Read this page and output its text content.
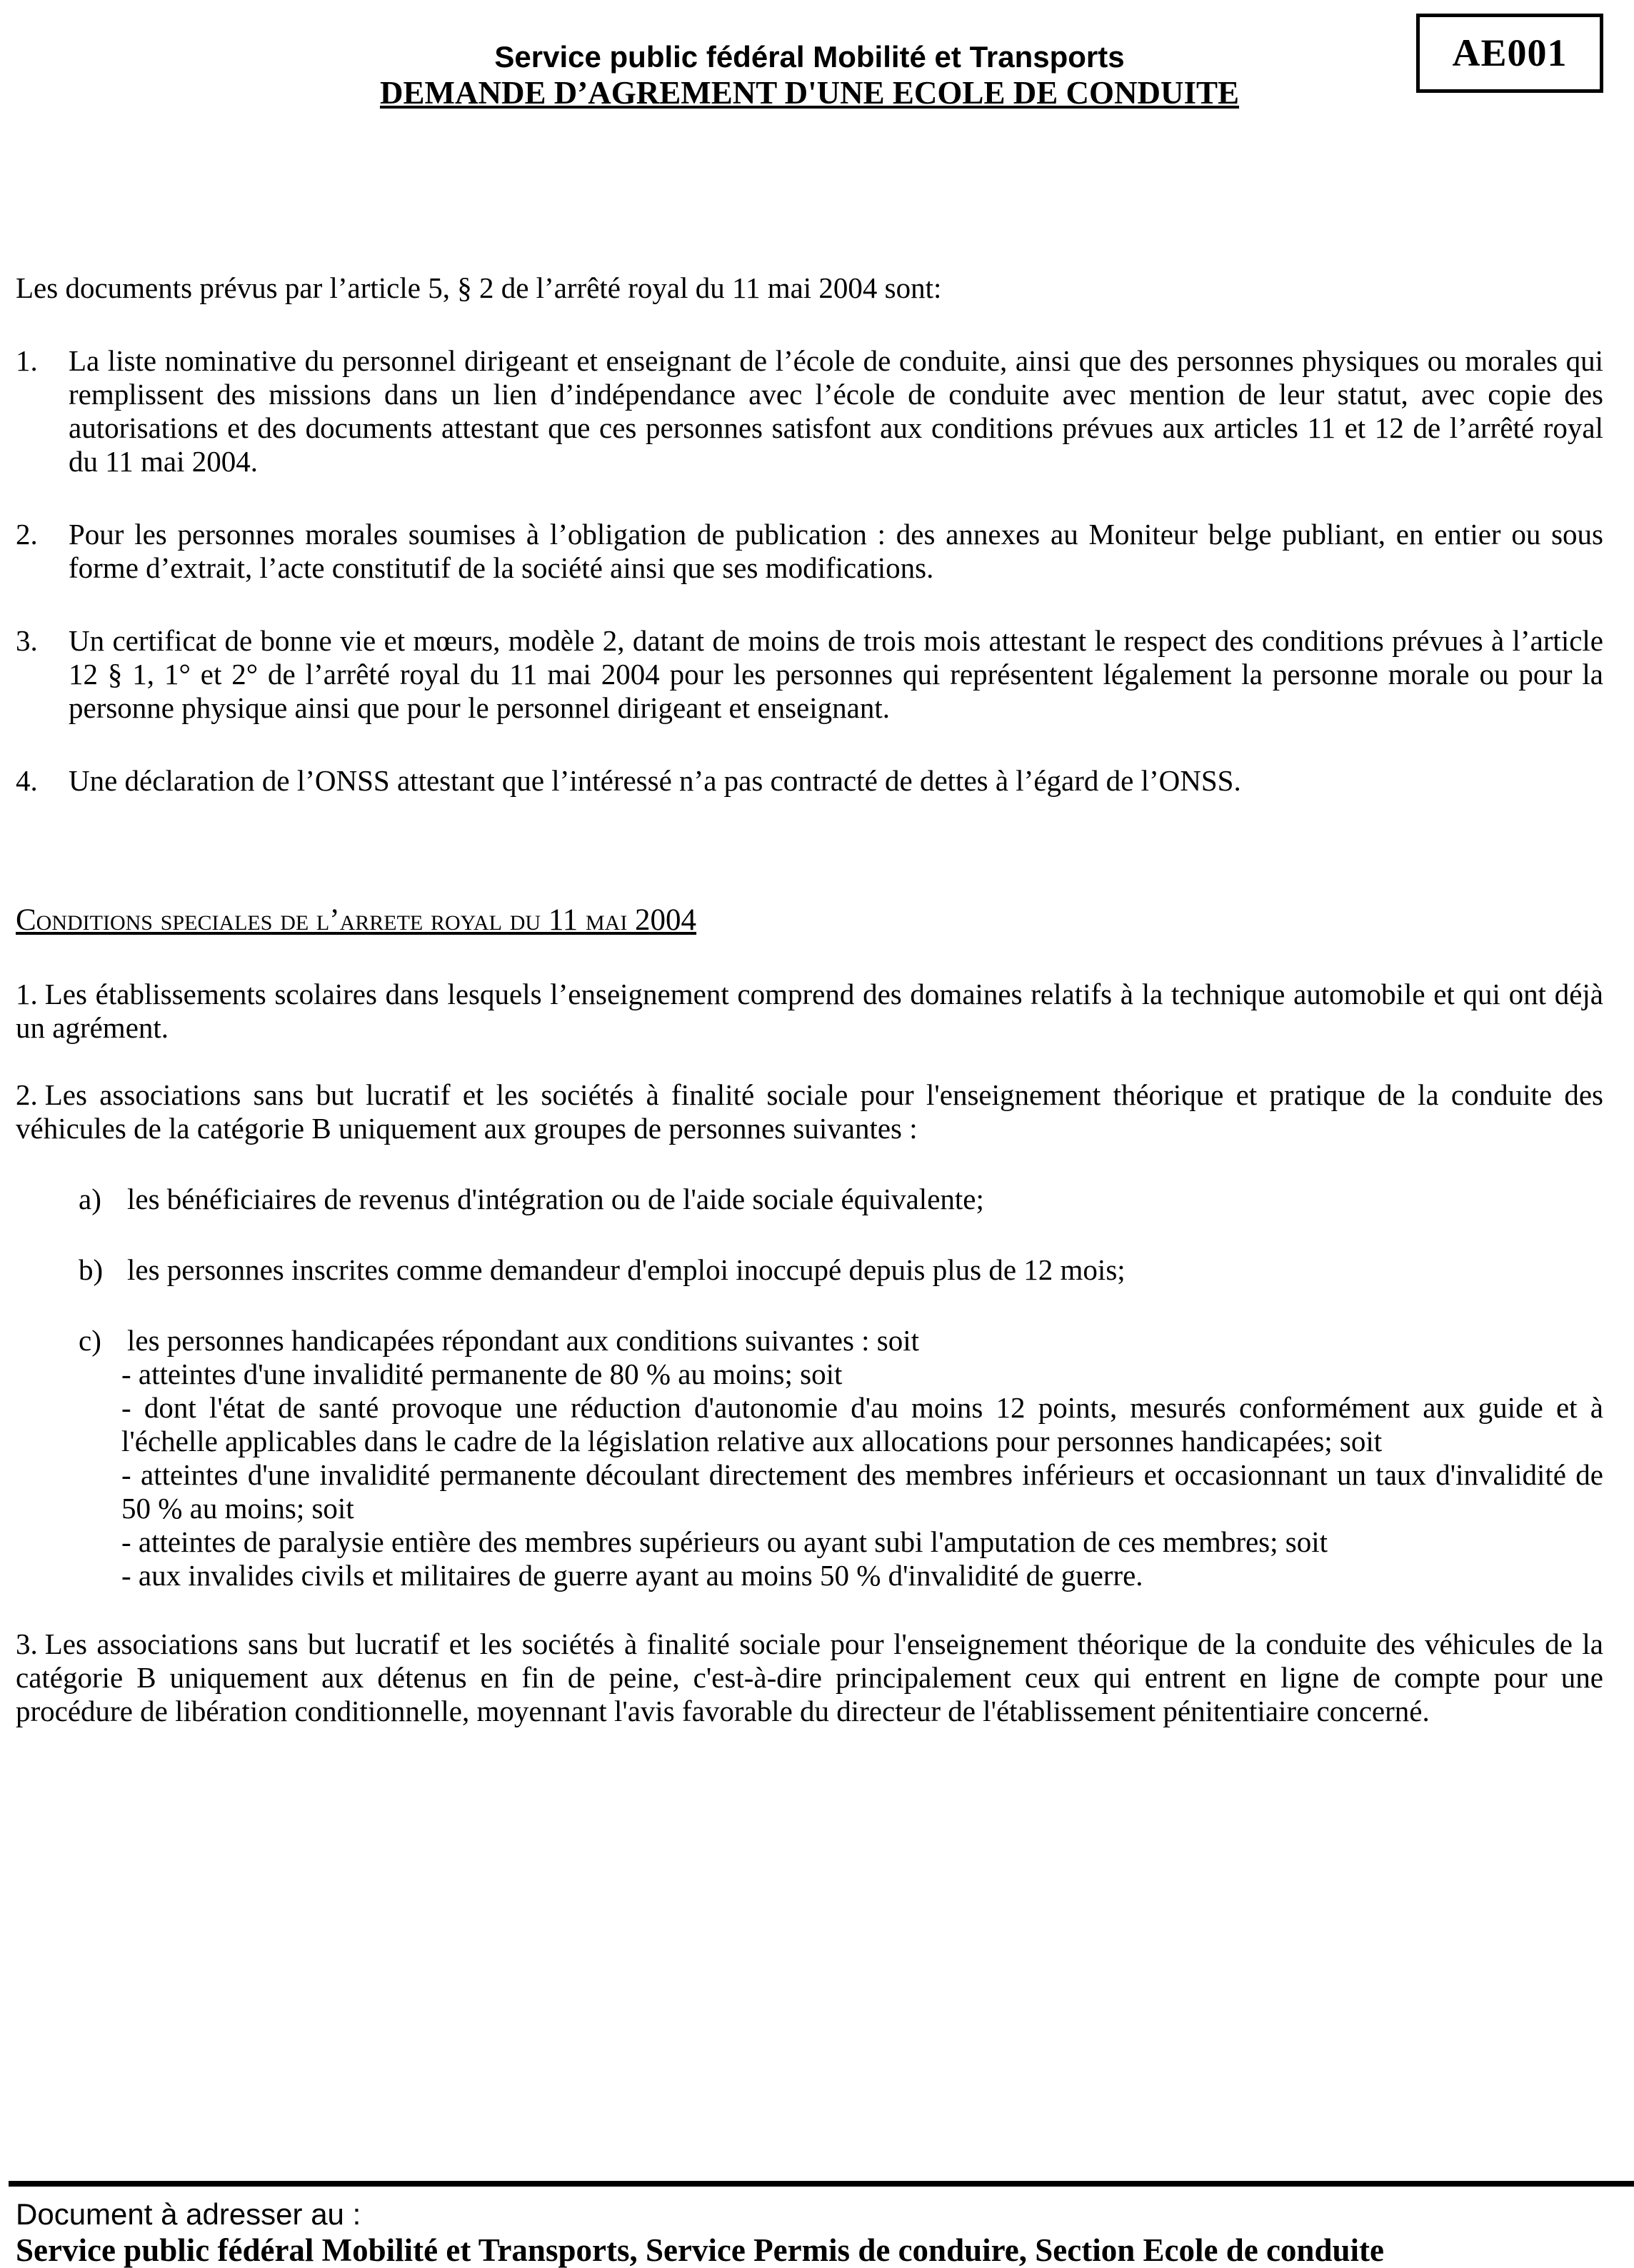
Service public fédéral Mobilité et Transports
DEMANDE D’AGREMENT D'UNE ECOLE DE CONDUITE
AE001

Les documents prévus par l’article 5, § 2 de l’arrêté royal du 11 mai 2004 sont:

1.	La liste nominative du personnel dirigeant et enseignant de l’école de conduite, ainsi que des personnes physiques ou morales qui remplissent des missions dans un lien d’indépendance avec l’école de conduite avec mention de leur statut, avec copie des autorisations et des documents attestant que ces personnes satisfont aux conditions prévues aux articles 11 et 12 de l’arrêté royal du 11 mai 2004.
2.	Pour les personnes morales soumises à l’obligation de publication : des annexes au Moniteur belge publiant, en entier ou sous forme d’extrait, l’acte constitutif de la société ainsi que ses modifications.
3.	Un certificat de bonne vie et mœurs, modèle 2, datant de moins de trois mois attestant le respect des conditions prévues à l’article 12 § 1, 1° et 2° de l’arrêté royal du 11 mai 2004 pour les personnes qui représentent légalement la personne morale ou pour la personne physique ainsi que pour le personnel dirigeant et enseignant.
4.	Une déclaration de l’ONSS attestant que l’intéressé n’a pas contracté de dettes à l’égard de l’ONSS.
Conditions speciales de l’arrete royal du 11 mai 2004

1. Les établissements scolaires dans lesquels l’enseignement comprend des domaines relatifs à la technique automobile et qui ont déjà un agrément.

2. Les associations sans but lucratif et les sociétés à finalité sociale pour l'enseignement théorique et pratique de la conduite des véhicules de la catégorie B uniquement aux groupes de personnes suivantes :

a) les bénéficiaires de revenus d'intégration ou de l'aide sociale équivalente;
b) les personnes inscrites comme demandeur d'emploi inoccupé depuis plus de 12 mois;
c) les personnes handicapées répondant aux conditions suivantes : soit

- atteintes d'une invalidité permanente de 80 % au moins; soit

- dont l'état de santé provoque une réduction d'autonomie d'au moins 12 points, mesurés conformément aux guide et à l'échelle applicables dans le cadre de la législation relative aux allocations pour personnes handicapées; soit

- atteintes d'une invalidité permanente découlant directement des membres inférieurs et occasionnant un taux d'invalidité de 50 % au moins; soit

- atteintes de paralysie entière des membres supérieurs ou ayant subi l'amputation de ces membres; soit

- aux invalides civils et militaires de guerre ayant au moins 50 % d'invalidité de guerre.

3. Les associations sans but lucratif et les sociétés à finalité sociale pour l'enseignement théorique de la conduite des véhicules de la catégorie B uniquement aux détenus en fin de peine, c'est-à-dire principalement ceux qui entrent en ligne de compte pour une procédure de libération conditionnelle, moyennant l'avis favorable du directeur de l'établissement pénitentiaire concerné.

Document à adresser au :
Service public fédéral Mobilité et Transports, Service Permis de conduire, Section Ecole de conduite
